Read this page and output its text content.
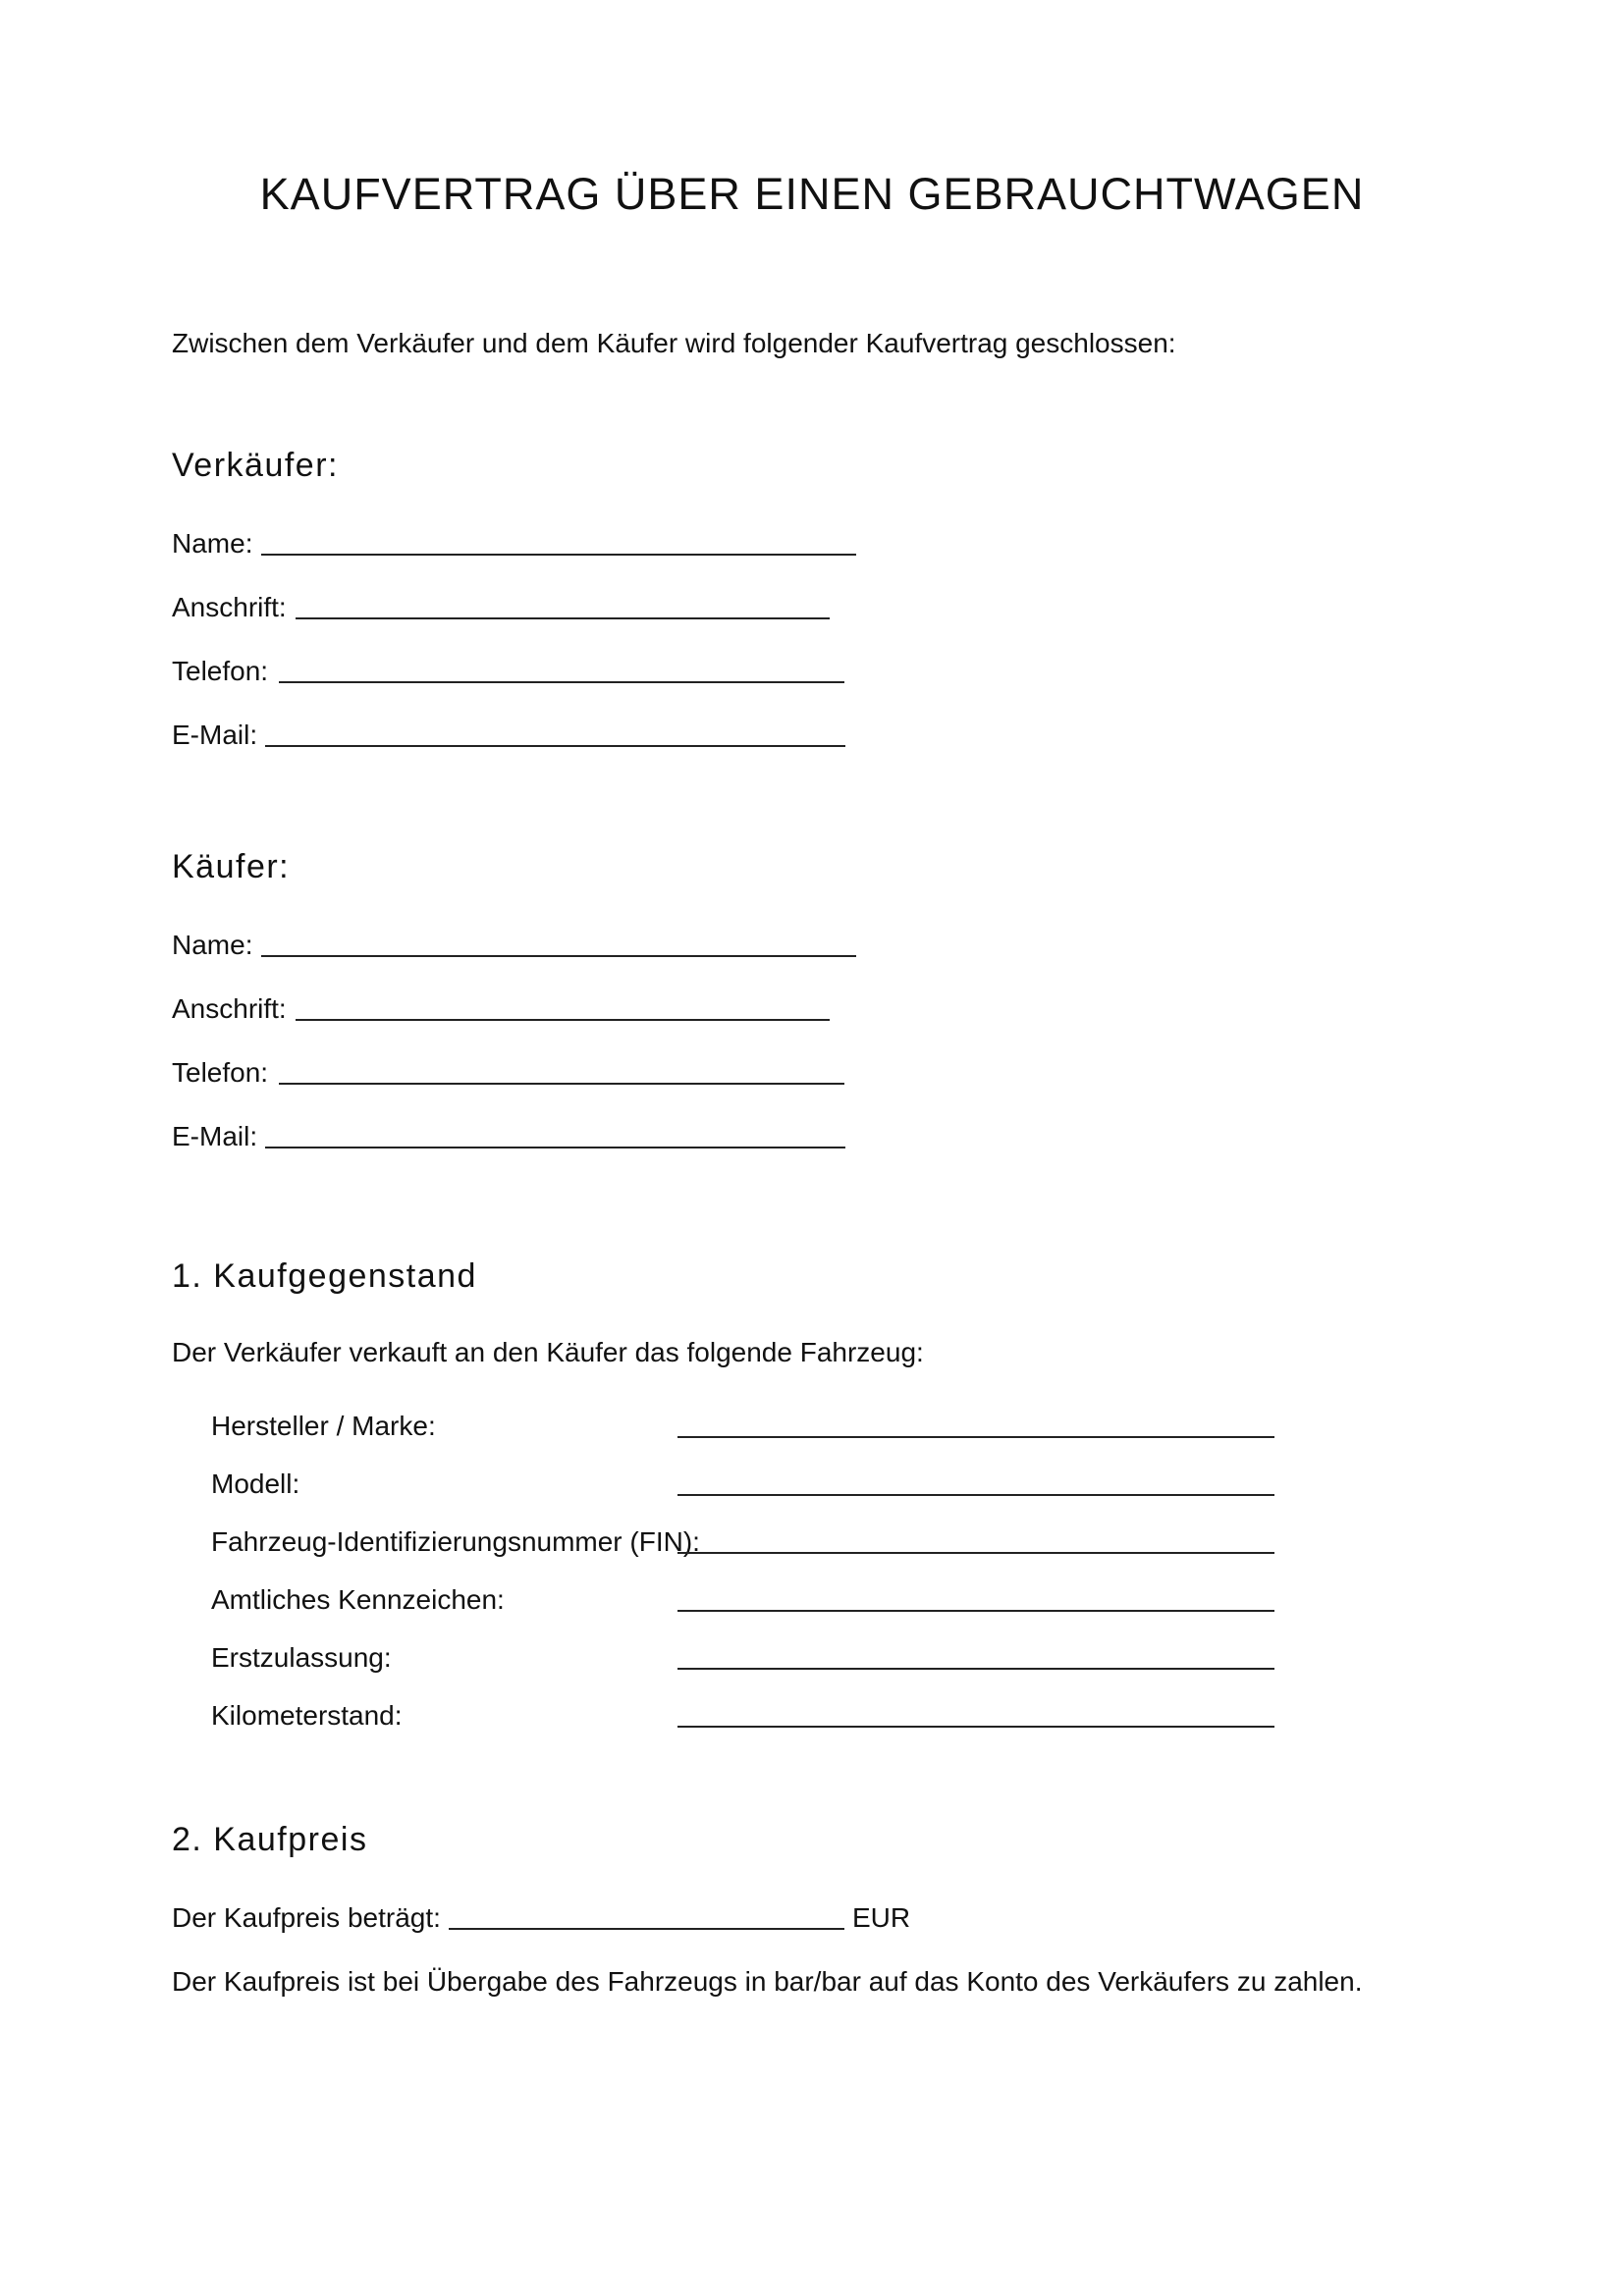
KAUFVERTRAG ÜBER EINEN GEBRAUCHTWAGEN
Zwischen dem Verkäufer und dem Käufer wird folgender Kaufvertrag geschlossen:
Verkäufer:
Name:
Anschrift:
Telefon:
E-Mail:
Käufer:
Name:
Anschrift:
Telefon:
E-Mail:
1. Kaufgegenstand
Der Verkäufer verkauft an den Käufer das folgende Fahrzeug:
Hersteller / Marke:
Modell:
Fahrzeug-Identifizierungsnummer (FIN):
Amtliches Kennzeichen:
Erstzulassung:
Kilometerstand:
2. Kaufpreis
Der Kaufpreis beträgt:	EUR
Der Kaufpreis ist bei Übergabe des Fahrzeugs in bar/bar auf das Konto des Verkäufers zu zahlen.
